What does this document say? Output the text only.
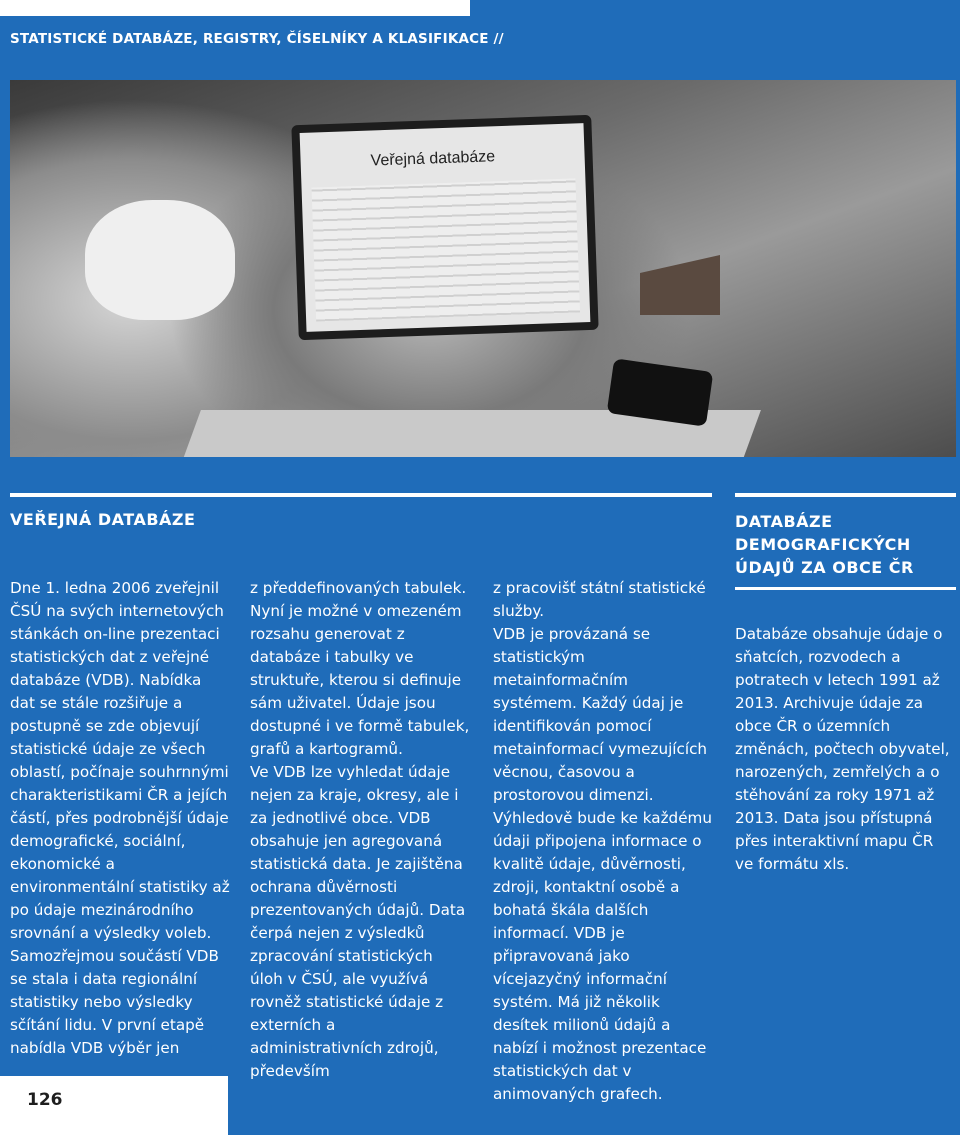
STATISTICKÉ DATABÁZE, REGISTRY, ČÍSELNÍKY A KLASIFIKACE //
Veřejná databáze
VEŘEJNÁ DATABÁZE	DATABÁZE
DEMOGRAFICKÝCH
ÚDAJŮ ZA OBCE ČR

Dne 1. ledna 2006 zveřejnil ČSÚ na svých internetových stánkách on-line prezentaci statistických dat z veřejné databáze (VDB). Nabídka dat se stále rozšiřuje a postupně se zde objevují statistické údaje ze všech oblastí, počínaje souhrnnými charakteristikami ČR a jejích částí, přes podrobnější údaje demografické, sociální, ekonomické a environmentální statistiky až po údaje mezinárodního srovnání a výsledky voleb. Samozřejmou součástí VDB se stala i data regionální statistiky nebo výsledky sčítání lidu. V první etapě nabídla VDB výběr jen

z předdefinovaných tabulek. Nyní je možné v omezeném rozsahu generovat z databáze i tabulky ve struktuře, kterou si definuje sám uživatel. Údaje jsou dostupné i ve formě tabulek, grafů a kartogramů.

Ve VDB lze vyhledat údaje nejen za kraje, okresy, ale i za jednotlivé obce. VDB obsahuje jen agregovaná statistická data. Je zajištěna ochrana důvěrnosti prezentovaných údajů. Data čerpá nejen z výsledků zpracování statistických úloh v ČSÚ, ale využívá rovněž statistické údaje z externích a administrativních zdrojů, především

z pracovišť státní statistické služby.

VDB je provázaná se statistickým metainformačním systémem. Každý údaj je identifikován pomocí metainformací vymezujících věcnou, časovou a prostorovou dimenzi. Výhledově bude ke každému údaji připojena informace o kvalitě údaje, důvěrnosti, zdroji, kontaktní osobě a bohatá škála dalších informací. VDB je připravovaná jako vícejazyčný informační systém. Má již několik desítek milionů údajů a nabízí i možnost prezentace statistických dat v animovaných grafech.

Databáze obsahuje údaje o sňatcích, rozvodech a potratech v letech 1991 až 2013. Archivuje údaje za obce ČR o územních změnách, počtech obyvatel, narozených, zemřelých a o stěhování za roky 1971 až 2013. Data jsou přístupná přes interaktivní mapu ČR ve formátu xls.

126
